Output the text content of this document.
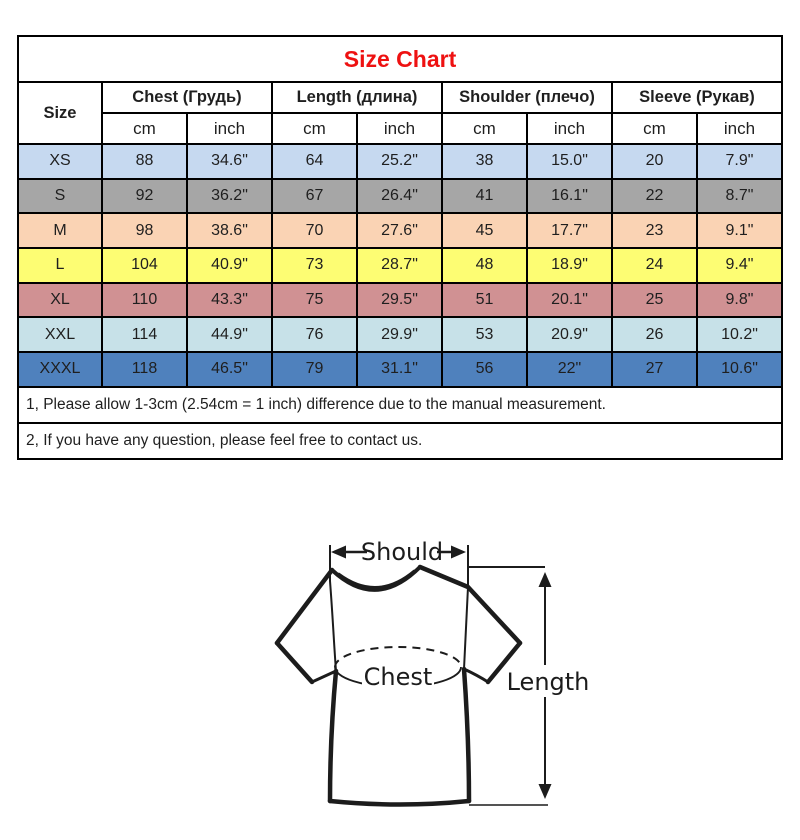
Size Chart								
Size	Chest (Грудь)		Length (длина)		Shoulder (плечо)		Sleeve (Рукав)	
	cm	inch	cm	inch	cm	inch	cm	inch
XS	88	34.6"	64	25.2"	38	15.0"	20	7.9"
S	92	36.2"	67	26.4"	41	16.1"	22	8.7"
M	98	38.6"	70	27.6"	45	17.7"	23	9.1"
L	104	40.9"	73	28.7"	48	18.9"	24	9.4"
XL	110	43.3"	75	29.5"	51	20.1"	25	9.8"
XXL	114	44.9"	76	29.9"	53	20.9"	26	10.2"
XXXL	118	46.5"	79	31.1"	56	22"	27	10.6"
1, Please allow 1-3cm (2.54cm = 1 inch) difference due to the manual measurement.								
2, If you have any question, please feel free to contact us.								
Should
Length
Chest
